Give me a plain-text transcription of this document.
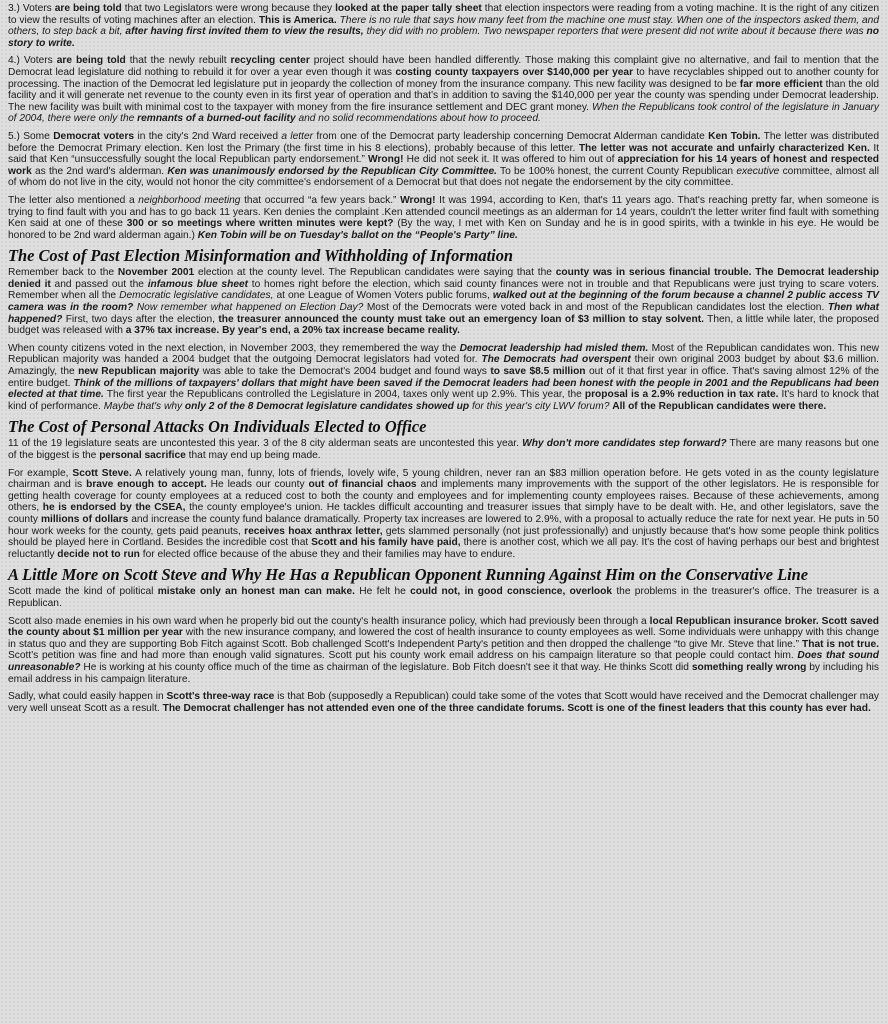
3.) Voters are being told that two Legislators were wrong because they looked at the paper tally sheet that election inspectors were reading from a voting machine. It is the right of any citizen to view the results of voting machines after an election. This is America. There is no rule that says how many feet from the machine one must stay. When one of the inspectors asked them, and others, to step back a bit, after having first invited them to view the results, they did with no problem. Two newspaper reporters that were present did not write about it because there was no story to write.

4.) Voters are being told that the newly rebuilt recycling center project should have been handled differently. Those making this complaint give no alternative, and fail to mention that the Democrat lead legislature did nothing to rebuild it for over a year even though it was costing county taxpayers over $140,000 per year to have recyclables shipped out to another county for processing. The inaction of the Democrat led legislature put in jeopardy the collection of money from the insurance company. This new facility was designed to be far more efficient than the old facility and it will generate net revenue to the county even in its first year of operation and that's in addition to saving the $140,000 per year the county was spending under Democrat leadership. The new facility was built with minimal cost to the taxpayer with money from the fire insurance settlement and DEC grant money. When the Republicans took control of the legislature in January of 2004, there were only the remnants of a burned-out facility and no solid recommendations about how to proceed.

5.) Some Democrat voters in the city's 2nd Ward received a letter from one of the Democrat party leadership concerning Democrat Alderman candidate Ken Tobin. The letter was distributed before the Democrat Primary election. Ken lost the Primary (the first time in his 8 elections), probably because of this letter. The letter was not accurate and unfairly characterized Ken. It said that Ken “unsuccessfully sought the local Republican party endorsement.” Wrong! He did not seek it. It was offered to him out of appreciation for his 14 years of honest and respected work as the 2nd ward's alderman. Ken was unanimously endorsed by the Republican City Committee. To be 100% honest, the current County Republican executive committee, almost all of whom do not live in the city, would not honor the city committee's endorsement of a Democrat but that does not negate the endorsement by the city committee.

The letter also mentioned a neighborhood meeting that occurred “a few years back.” Wrong! It was 1994, according to Ken, that's 11 years ago. That's reaching pretty far, when someone is trying to find fault with you and has to go back 11 years. Ken denies the complaint .Ken attended council meetings as an alderman for 14 years, couldn't the letter writer find fault with something Ken said at one of these 300 or so meetings where written minutes were kept? (By the way, I met with Ken on Sunday and he is in good spirits, with a twinkle in his eye. He would be honored to be 2nd ward alderman again.) Ken Tobin will be on Tuesday's ballot on the “People's Party” line.

The Cost of Past Election Misinformation and Withholding of Information

Remember back to the November 2001 election at the county level. The Republican candidates were saying that the county was in serious financial trouble. The Democrat leadership denied it and passed out the infamous blue sheet to homes right before the election, which said county finances were not in trouble and that Republicans were just trying to scare voters. Remember when all the Democratic legislative candidates, at one League of Women Voters public forums, walked out at the beginning of the forum because a channel 2 public access TV camera was in the room? Now remember what happened on Election Day? Most of the Democrats were voted back in and most of the Republican candidates lost the election. Then what happened? First, two days after the election, the treasurer announced the county must take out an emergency loan of $3 million to stay solvent. Then, a little while later, the proposed budget was released with a 37% tax increase. By year's end, a 20% tax increase became reality.

When county citizens voted in the next election, in November 2003, they remembered the way the Democrat leadership had misled them. Most of the Republican candidates won. This new Republican majority was handed a 2004 budget that the outgoing Democrat legislators had voted for. The Democrats had overspent their own original 2003 budget by about $3.6 million. Amazingly, the new Republican majority was able to take the Democrat's 2004 budget and found ways to save $8.5 million out of it that first year in office. That's saving almost 12% of the entire budget. Think of the millions of taxpayers' dollars that might have been saved if the Democrat leaders had been honest with the people in 2001 and the Republicans had been elected at that time. The first year the Republicans controlled the Legislature in 2004, taxes only went up 2.9%. This year, the proposal is a 2.9% reduction in tax rate. It's hard to knock that kind of performance. Maybe that's why only 2 of the 8 Democrat legislature candidates showed up for this year's city LWV forum? All of the Republican candidates were there.

The Cost of Personal Attacks On Individuals Elected to Office

11 of the 19 legislature seats are uncontested this year. 3 of the 8 city alderman seats are uncontested this year. Why don't more candidates step forward? There are many reasons but one of the biggest is the personal sacrifice that may end up being made.

For example, Scott Steve. A relatively young man, funny, lots of friends, lovely wife, 5 young children, never ran an $83 million operation before. He gets voted in as the county legislature chairman and is brave enough to accept. He leads our county out of financial chaos and implements many improvements with the support of the other legislators. He is responsible for getting health coverage for county employees at a reduced cost to both the county and employees and for implementing county employees raises. Because of these achievements, among others, he is endorsed by the CSEA, the county employee's union. He tackles difficult accounting and treasurer issues that simply have to be dealt with. He, and other legislators, save the county millions of dollars and increase the county fund balance dramatically. Property tax increases are lowered to 2.9%, with a proposal to actually reduce the rate for next year. He puts in 50 hour work weeks for the county, gets paid peanuts, receives hoax anthrax letter, gets slammed personally (not just professionally) and unjustly because that's how some people think politics should be played here in Cortland. Besides the incredible cost that Scott and his family have paid, there is another cost, which we all pay. It's the cost of having perhaps our best and brightest reluctantly decide not to run for elected office because of the abuse they and their families may have to endure.

A Little More on Scott Steve and Why He Has a Republican Opponent Running Against Him on the Conservative Line

Scott made the kind of political mistake only an honest man can make. He felt he could not, in good conscience, overlook the problems in the treasurer's office. The treasurer is a Republican.

Scott also made enemies in his own ward when he properly bid out the county's health insurance policy, which had previously been through a local Republican insurance broker. Scott saved the county about $1 million per year with the new insurance company, and lowered the cost of health insurance to county employees as well. Some individuals were unhappy with this change in status quo and they are supporting Bob Fitch against Scott. Bob challenged Scott's Independent Party's petition and then dropped the challenge “to give Mr. Steve that line.” That is not true. Scott's petition was fine and had more than enough valid signatures. Scott put his county work email address on his campaign literature so that people could contact him. Does that sound unreasonable? He is working at his county office much of the time as chairman of the legislature. Bob Fitch doesn't see it that way. He thinks Scott did something really wrong by including his email address in his campaign literature.

Sadly, what could easily happen in Scott's three-way race is that Bob (supposedly a Republican) could take some of the votes that Scott would have received and the Democrat challenger may very well unseat Scott as a result. The Democrat challenger has not attended even one of the three candidate forums. Scott is one of the finest leaders that this county has ever had.
